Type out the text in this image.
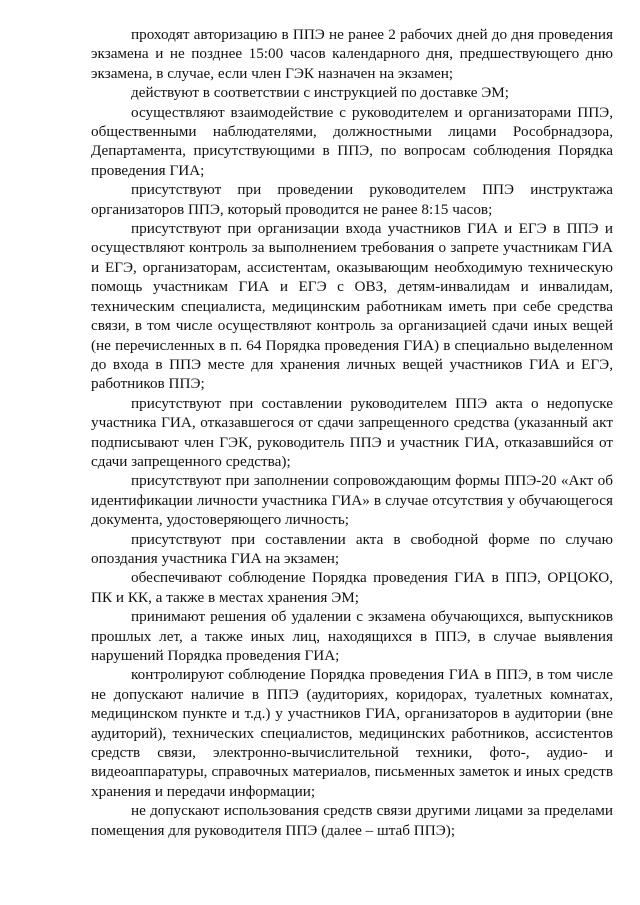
проходят авторизацию в ППЭ не ранее 2 рабочих дней до дня проведения экзамена и не позднее 15:00 часов календарного дня, предшествующего дню экзамена, в случае, если член ГЭК назначен на экзамен;

действуют в соответствии с инструкцией по доставке ЭМ;

осуществляют взаимодействие с руководителем и организаторами ППЭ, общественными наблюдателями, должностными лицами Рособрнадзора, Департамента, присутствующими в ППЭ, по вопросам соблюдения Порядка проведения ГИА;

присутствуют при проведении руководителем ППЭ инструктажа организаторов ППЭ, который проводится не ранее 8:15 часов;

присутствуют при организации входа участников ГИА и ЕГЭ в ППЭ и осуществляют контроль за выполнением требования о запрете участникам ГИА и ЕГЭ, организаторам, ассистентам, оказывающим необходимую техническую помощь участникам ГИА и ЕГЭ с ОВЗ, детям-инвалидам и инвалидам, техническим специалиста, медицинским работникам иметь при себе средства связи, в том числе осуществляют контроль за организацией сдачи иных вещей (не перечисленных в п. 64 Порядка проведения ГИА) в специально выделенном до входа в ППЭ месте для хранения личных вещей участников ГИА и ЕГЭ, работников ППЭ;

присутствуют при составлении руководителем ППЭ акта о недопуске участника ГИА, отказавшегося от сдачи запрещенного средства (указанный акт подписывают член ГЭК, руководитель ППЭ и участник ГИА, отказавшийся от сдачи запрещенного средства);

присутствуют при заполнении сопровождающим формы ППЭ-20 «Акт об идентификации личности участника ГИА» в случае отсутствия у обучающегося документа, удостоверяющего личность;

присутствуют при составлении акта в свободной форме по случаю опоздания участника ГИА на экзамен;

обеспечивают соблюдение Порядка проведения ГИА в ППЭ, ОРЦОКО, ПК и КК, а также в местах хранения ЭМ;

принимают решения об удалении с экзамена обучающихся, выпускников прошлых лет, а также иных лиц, находящихся в ППЭ, в случае выявления нарушений Порядка проведения ГИА;

контролируют соблюдение Порядка проведения ГИА в ППЭ, в том числе не допускают наличие в ППЭ (аудиториях, коридорах, туалетных комнатах, медицинском пункте и т.д.) у участников ГИА, организаторов в аудитории (вне аудиторий), технических специалистов, медицинских работников, ассистентов средств связи, электронно-вычислительной техники, фото-, аудио- и видеоаппаратуры, справочных материалов, письменных заметок и иных средств хранения и передачи информации;

не допускают использования средств связи другими лицами за пределами помещения для руководителя ППЭ (далее – штаб ППЭ);
